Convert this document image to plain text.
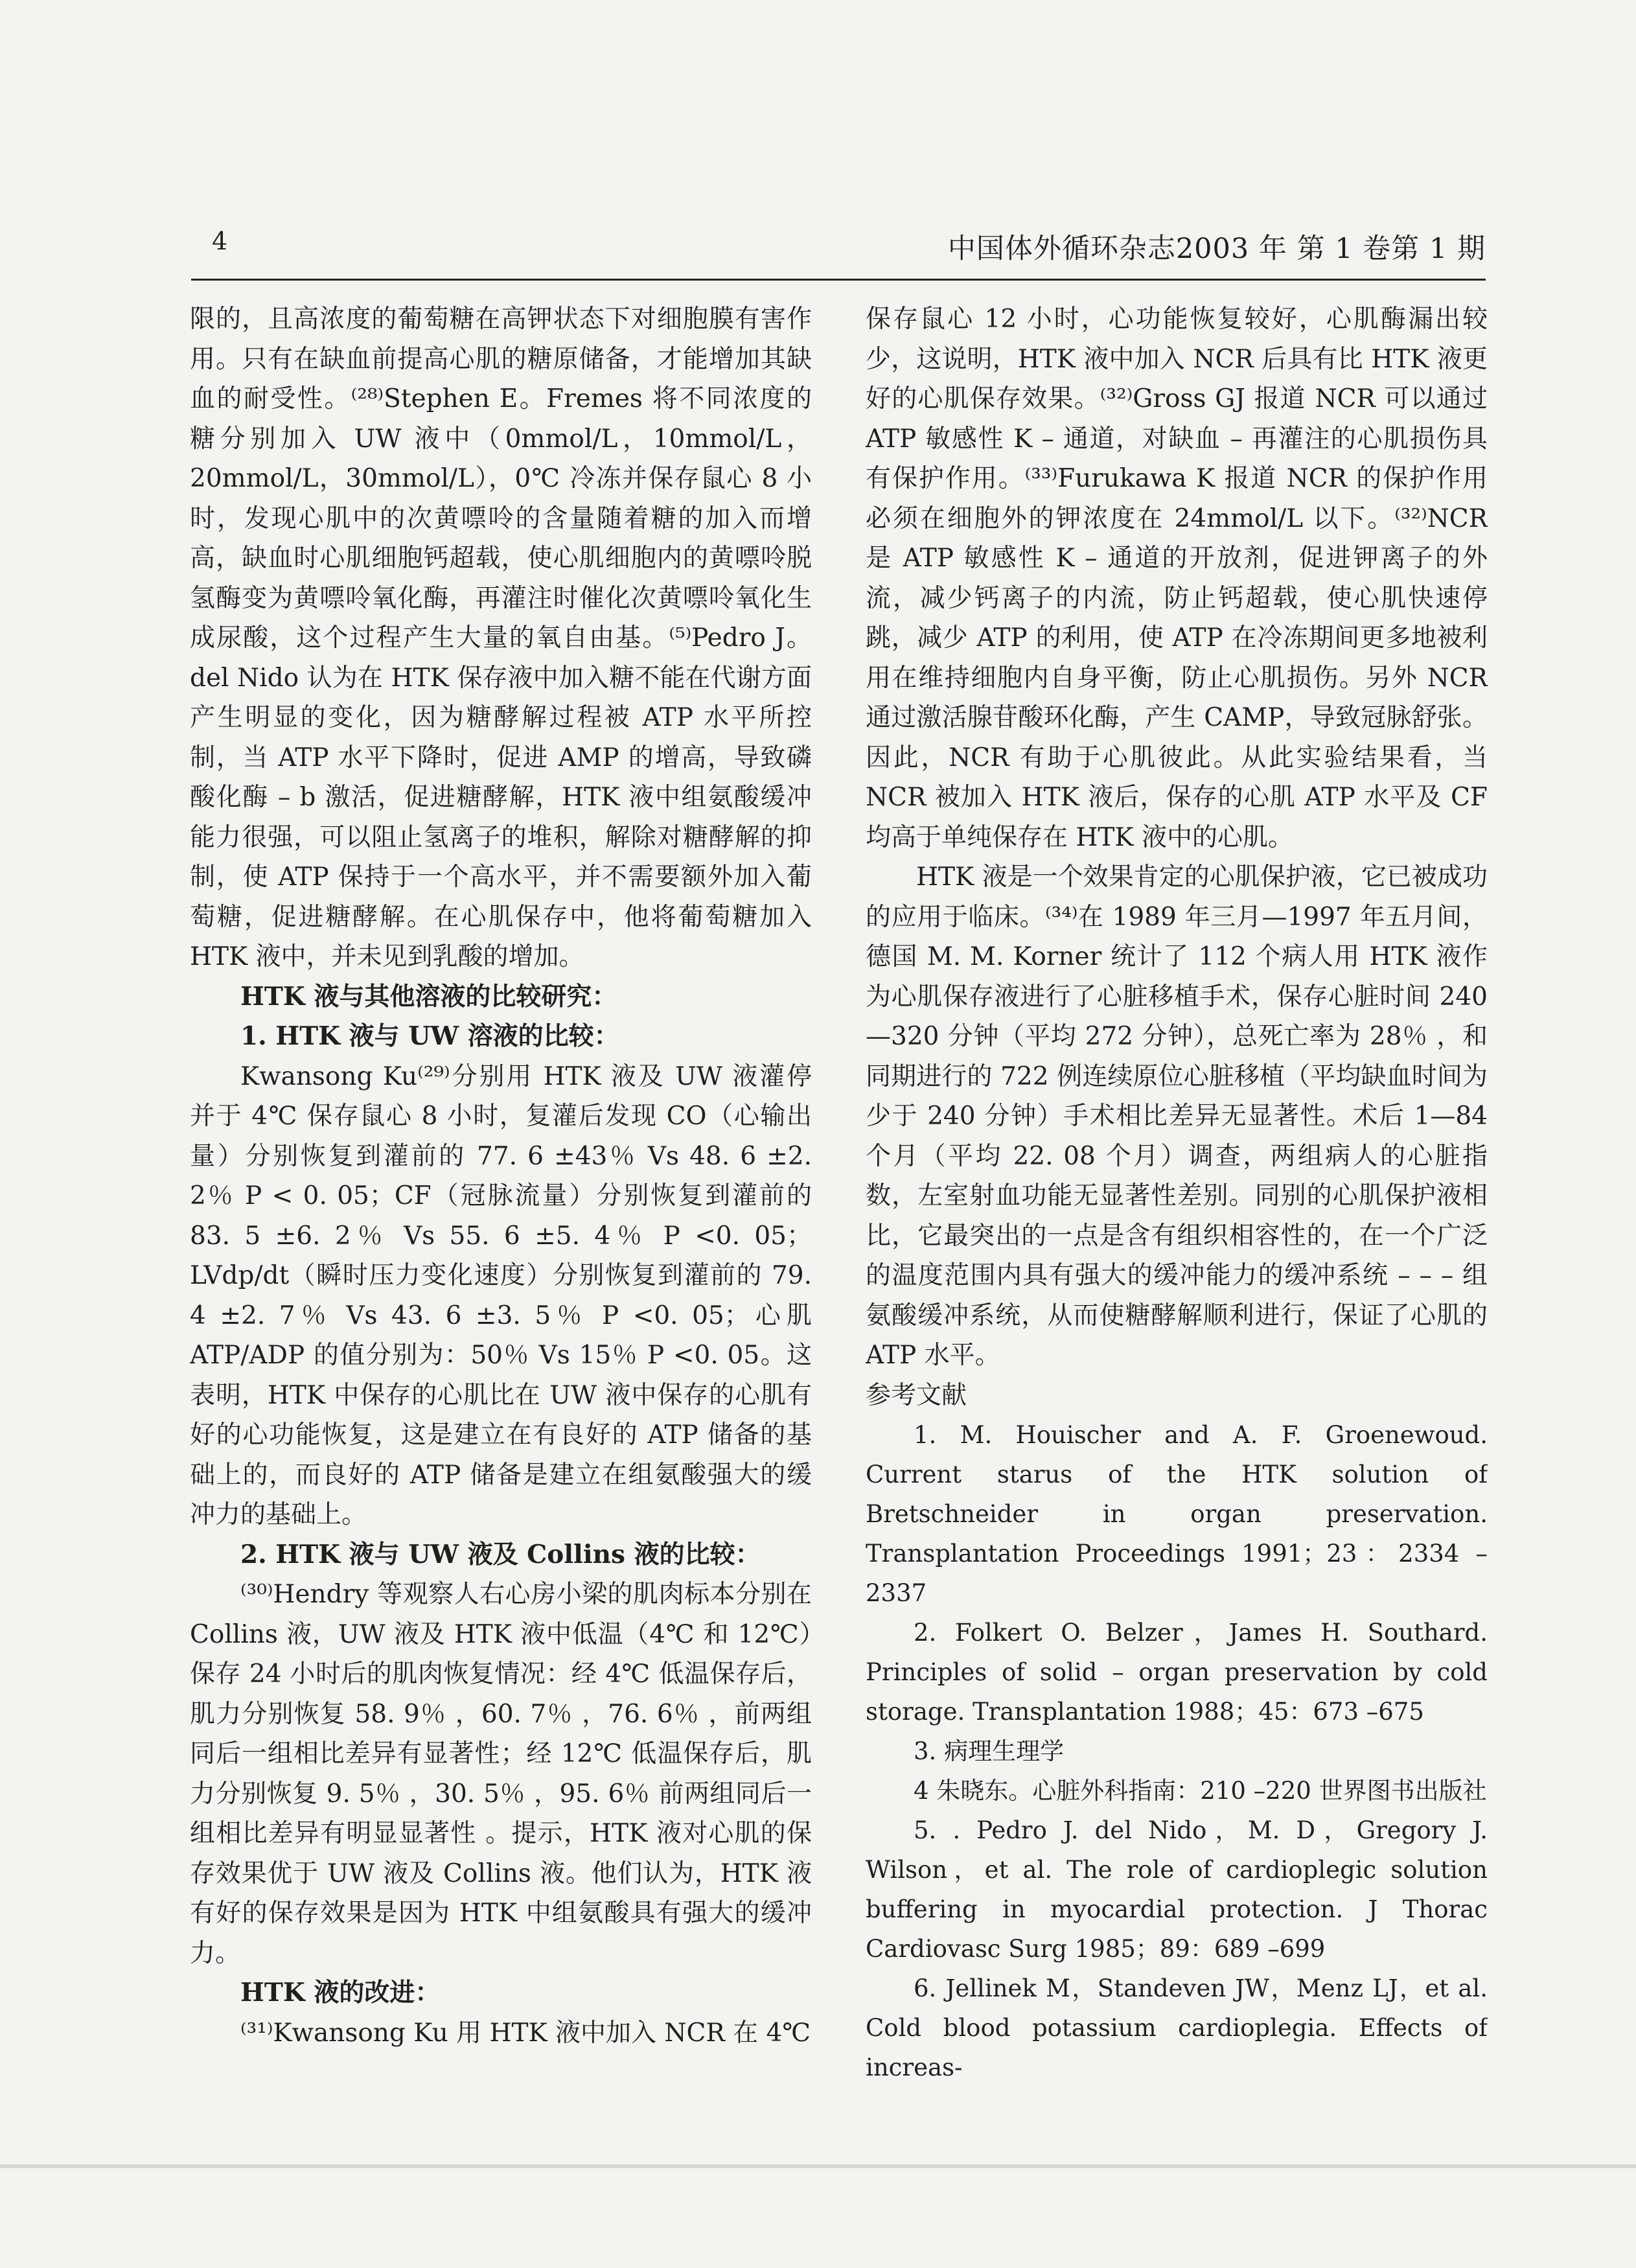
4	中国体外循环杂志2003 年 第 1 卷第 1 期

限的，且高浓度的葡萄糖在高钾状态下对细胞膜有害作用。只有在缺血前提高心肌的糖原储备，才能增加其缺血的耐受性。⁽²⁸⁾Stephen E。Fremes 将不同浓度的糖分别加入 UW 液中（0mmol/L，10mmol/L，20mmol/L，30mmol/L），0℃ 冷冻并保存鼠心 8 小时，发现心肌中的次黄嘌呤的含量随着糖的加入而增高，缺血时心肌细胞钙超载，使心肌细胞内的黄嘌呤脱氢酶变为黄嘌呤氧化酶，再灌注时催化次黄嘌呤氧化生成尿酸，这个过程产生大量的氧自由基。⁽⁵⁾Pedro J。del Nido 认为在 HTK 保存液中加入糖不能在代谢方面产生明显的变化，因为糖酵解过程被 ATP 水平所控制，当 ATP 水平下降时，促进 AMP 的增高，导致磷酸化酶 – b 激活，促进糖酵解，HTK 液中组氨酸缓冲能力很强，可以阻止氢离子的堆积，解除对糖酵解的抑制，使 ATP 保持于一个高水平，并不需要额外加入葡萄糖，促进糖酵解。在心肌保存中，他将葡萄糖加入 HTK 液中，并未见到乳酸的增加。

HTK 液与其他溶液的比较研究：

1. HTK 液与 UW 溶液的比较：

Kwansong Ku⁽²⁹⁾分别用 HTK 液及 UW 液灌停并于 4℃ 保存鼠心 8 小时，复灌后发现 CO（心输出量）分别恢复到灌前的 77. 6 ±43％ Vs 48. 6 ±2. 2％ P < 0. 05；CF（冠脉流量）分别恢复到灌前的 83. 5 ±6. 2％ Vs 55. 6 ±5. 4％ P <0. 05；LVdp/dt（瞬时压力变化速度）分别恢复到灌前的 79. 4 ±2. 7％ Vs 43. 6 ±3. 5％ P <0. 05；心肌 ATP/ADP 的值分别为：50％ Vs 15％ P <0. 05。这表明，HTK 中保存的心肌比在 UW 液中保存的心肌有好的心功能恢复，这是建立在有良好的 ATP 储备的基础上的，而良好的 ATP 储备是建立在组氨酸强大的缓冲力的基础上。

2. HTK 液与 UW 液及 Collins 液的比较：

⁽³⁰⁾Hendry 等观察人右心房小梁的肌肉标本分别在 Collins 液，UW 液及 HTK 液中低温（4℃ 和 12℃）保存 24 小时后的肌肉恢复情况：经 4℃ 低温保存后，肌力分别恢复 58. 9％ ，60. 7％ ，76. 6％ ，前两组同后一组相比差异有显著性；经 12℃ 低温保存后，肌力分别恢复 9. 5％ ，30. 5％ ，95. 6％ 前两组同后一组相比差异有明显显著性 。提示，HTK 液对心肌的保存效果优于 UW 液及 Collins 液。他们认为，HTK 液有好的保存效果是因为 HTK 中组氨酸具有强大的缓冲力。

HTK 液的改进：

⁽³¹⁾Kwansong Ku 用 HTK 液中加入 NCR 在 4℃

保存鼠心 12 小时，心功能恢复较好，心肌酶漏出较少，这说明，HTK 液中加入 NCR 后具有比 HTK 液更好的心肌保存效果。⁽³²⁾Gross GJ 报道 NCR 可以通过 ATP 敏感性 K – 通道，对缺血 – 再灌注的心肌损伤具有保护作用。⁽³³⁾Furukawa K 报道 NCR 的保护作用必须在细胞外的钾浓度在 24mmol/L 以下。⁽³²⁾NCR 是 ATP 敏感性 K – 通道的开放剂，促进钾离子的外流，减少钙离子的内流，防止钙超载，使心肌快速停跳，减少 ATP 的利用，使 ATP 在冷冻期间更多地被利用在维持细胞内自身平衡，防止心肌损伤。另外 NCR 通过激活腺苷酸环化酶，产生 CAMP，导致冠脉舒张。因此，NCR 有助于心肌彼此。从此实验结果看，当 NCR 被加入 HTK 液后，保存的心肌 ATP 水平及 CF 均高于单纯保存在 HTK 液中的心肌。

HTK 液是一个效果肯定的心肌保护液，它已被成功的应用于临床。⁽³⁴⁾在 1989 年三月—1997 年五月间，德国 M. M. Korner 统计了 112 个病人用 HTK 液作为心肌保存液进行了心脏移植手术，保存心脏时间 240—320 分钟（平均 272 分钟），总死亡率为 28％ ，和同期进行的 722 例连续原位心脏移植（平均缺血时间为少于 240 分钟）手术相比差异无显著性。术后 1—84 个月（平均 22. 08 个月）调查，两组病人的心脏指数，左室射血功能无显著性差别。同别的心肌保护液相比，它最突出的一点是含有组织相容性的，在一个广泛的温度范围内具有强大的缓冲能力的缓冲系统 – – – 组氨酸缓冲系统，从而使糖酵解顺利进行，保证了心肌的 ATP 水平。

参考文献

1. M. Houischer and A. F. Groenewoud. Current starus of the HTK solution of Bretschneider in organ preservation. Transplantation Proceedings 1991；23：2334 –2337

2. Folkert O. Belzer，James H. Southard. Principles of solid – organ preservation by cold storage. Transplantation 1988；45：673 –675

3. 病理生理学

4 朱晓东。心脏外科指南：210 –220 世界图书出版社

5. . Pedro J. del Nido，M. D，Gregory J. Wilson，et al. The role of cardioplegic solution buffering in myocardial protection. J Thorac Cardiovasc Surg 1985；89：689 –699

6. Jellinek M，Standeven JW，Menz LJ，et al. Cold blood potassium cardioplegia. Effects of increas-
